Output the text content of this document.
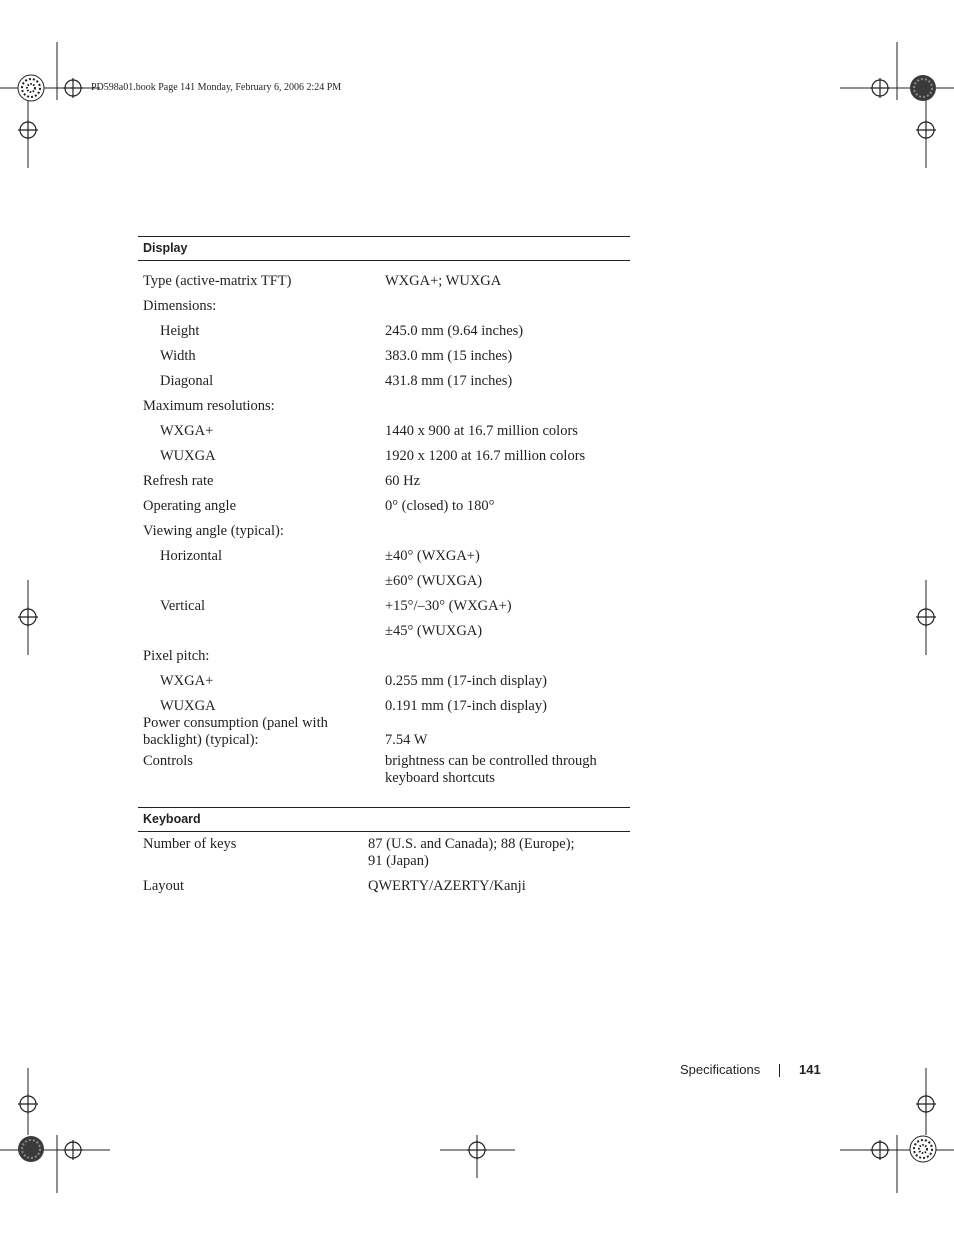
PD598a01.book Page 141 Monday, February 6, 2006 2:24 PM
Display	
Type (active-matrix TFT)	WXGA+; WUXGA
Dimensions:	
Height	245.0 mm (9.64 inches)
Width	383.0 mm (15 inches)
Diagonal	431.8 mm (17 inches)
Maximum resolutions:	
WXGA+	1440 x 900 at 16.7 million colors
WUXGA	1920 x 1200 at 16.7 million colors
Refresh rate	60 Hz
Operating angle	0° (closed) to 180°
Viewing angle (typical):	
Horizontal	±40° (WXGA+)
	±60° (WUXGA)
Vertical	+15°/–30° (WXGA+)
	±45° (WUXGA)
Pixel pitch:	
WXGA+	0.255 mm (17-inch display)
WUXGA	0.191 mm (17-inch display)
Power consumption (panel with
backlight) (typical):	7.54 W
Controls	brightness can be controlled through
keyboard shortcuts
Keyboard	
Number of keys	87 (U.S. and Canada); 88 (Europe);
91 (Japan)
Layout	QWERTY/AZERTY/Kanji
Specifications	141
